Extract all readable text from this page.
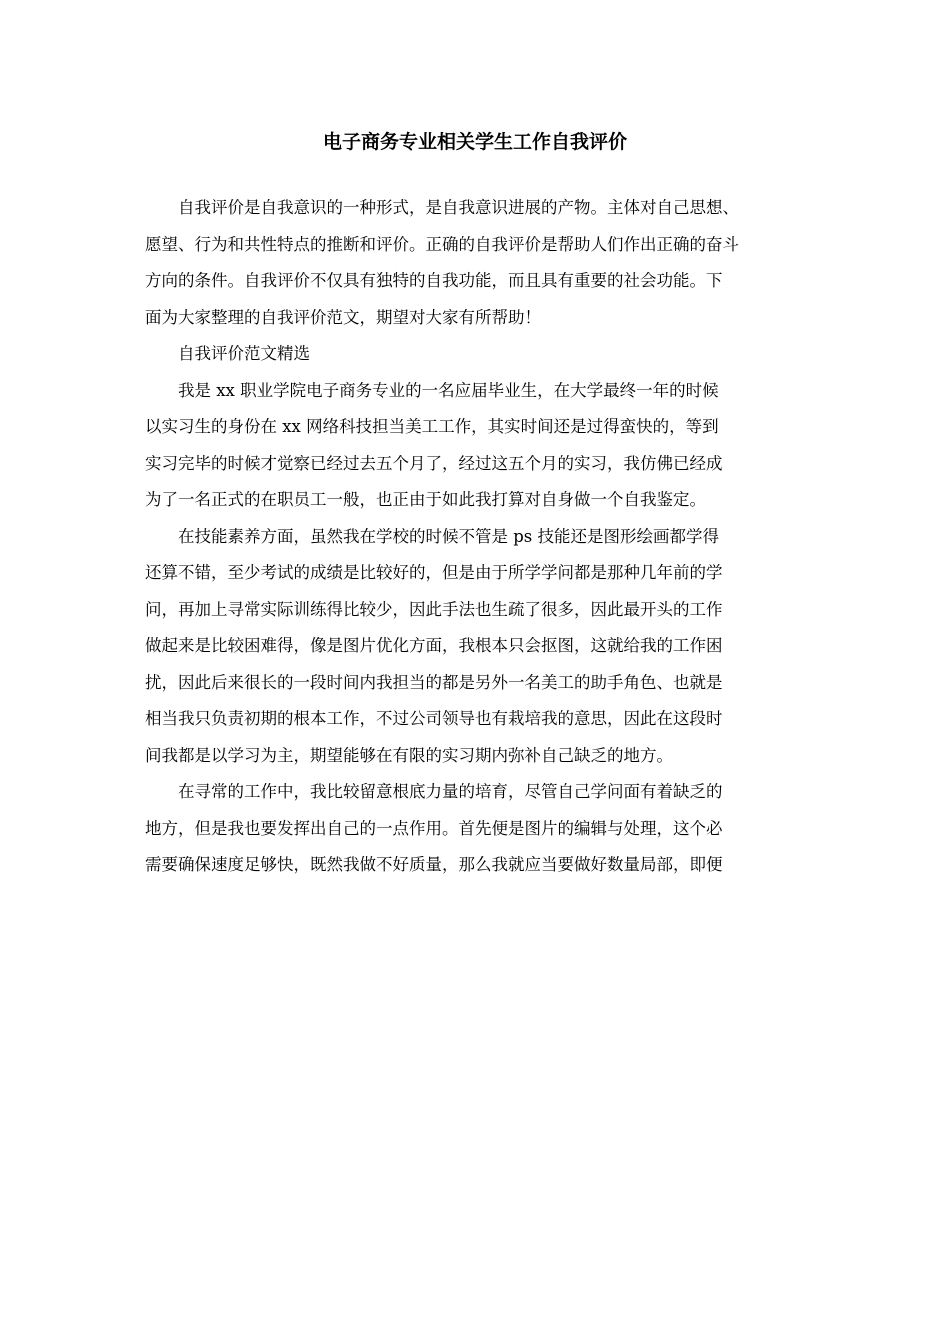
电子商务专业相关学生工作自我评价
　　自我评价是自我意识的一种形式，是自我意识进展的产物。主体对自己思想、
愿望、行为和共性特点的推断和评价。正确的自我评价是帮助人们作出正确的奋斗
方向的条件。自我评价不仅具有独特的自我功能，而且具有重要的社会功能。下
面为大家整理的自我评价范文，期望对大家有所帮助！
　　自我评价范文精选
　　我是 xx 职业学院电子商务专业的一名应届毕业生，在大学最终一年的时候
以实习生的身份在 xx 网络科技担当美工工作，其实时间还是过得蛮快的，等到
实习完毕的时候才觉察已经过去五个月了，经过这五个月的实习，我仿佛已经成
为了一名正式的在职员工一般，也正由于如此我打算对自身做一个自我鉴定。
　　在技能素养方面，虽然我在学校的时候不管是 ps 技能还是图形绘画都学得
还算不错，至少考试的成绩是比较好的，但是由于所学学问都是那种几年前的学
问，再加上寻常实际训练得比较少，因此手法也生疏了很多，因此最开头的工作
做起来是比较困难得，像是图片优化方面，我根本只会抠图，这就给我的工作困
扰，因此后来很长的一段时间内我担当的都是另外一名美工的助手角色、也就是
相当我只负责初期的根本工作，不过公司领导也有栽培我的意思，因此在这段时
间我都是以学习为主，期望能够在有限的实习期内弥补自己缺乏的地方。
　　在寻常的工作中，我比较留意根底力量的培育，尽管自己学问面有着缺乏的
地方，但是我也要发挥出自己的一点作用。首先便是图片的编辑与处理，这个必
需要确保速度足够快，既然我做不好质量，那么我就应当要做好数量局部，即便
